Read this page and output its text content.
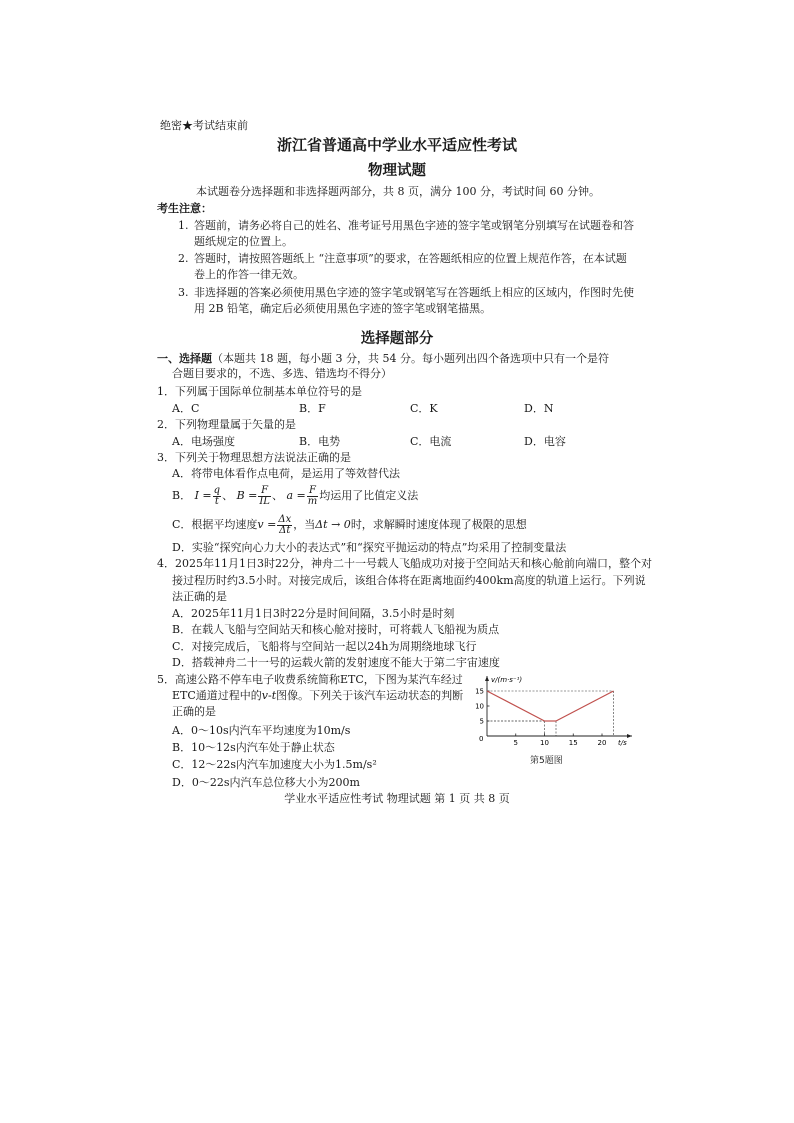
绝密★考试结束前
浙江省普通高中学业水平适应性考试
物理试题
本试题卷分选择题和非选择题两部分，共 8 页，满分 100 分，考试时间 60 分钟。
考生注意：
1. 答题前，请务必将自己的姓名、准考证号用黑色字迹的签字笔或钢笔分别填写在试题卷和答
题纸规定的位置上。
2. 答题时，请按照答题纸上 “注意事项”的要求，在答题纸相应的位置上规范作答，在本试题
卷上的作答一律无效。
3. 非选择题的答案必须使用黑色字迹的签字笔或钢笔写在答题纸上相应的区域内，作图时先使
用 2B 铅笔，确定后必须使用黑色字迹的签字笔或钢笔描黑。
选择题部分
一、选择题（本题共 18 题，每小题 3 分，共 54 分。每小题列出四个备选项中只有一个是符
合题目要求的，不选、多选、错选均不得分）
1．下列属于国际单位制基本单位符号的是
A．C	B．F	C．K	D．N
2．下列物理量属于矢量的是
A．电场强度	B．电势	C．电流	D．电容
3．下列关于物理思想方法说法正确的是
A．将带电体看作点电荷，是运用了等效替代法
B． $I = \frac{q}{t}$ 、 $B = \frac{F}{IL}$ 、 $a = \frac{F}{m}$ 均运用了比值定义法
C．根据平均速度$v = \frac{\Delta x}{\Delta t}$ ，当Δt → 0时，求解瞬时速度体现了极限的思想
D．实验“探究向心力大小的表达式”和“探究平抛运动的特点”均采用了控制变量法
4．2025年11月1日3时22分，神舟二十一号载人飞船成功对接于空间站天和核心舱前向端口，整个对
接过程历时约3.5小时。对接完成后，该组合体将在距离地面约400km高度的轨道上运行。下列说
法正确的是
A．2025年11月1日3时22分是时间间隔，3.5小时是时刻
B．在载人飞船与空间站天和核心舱对接时，可将载人飞船视为质点
C．对接完成后，飞船将与空间站一起以24h为周期绕地球飞行
D．搭载神舟二十一号的运载火箭的发射速度不能大于第二宇宙速度
5．高速公路不停车电子收费系统简称ETC，下图为某汽车经过
ETC通道过程中的v-t图像。下列关于该汽车运动状态的判断
正确的是
A．0～10s内汽车平均速度为10m/s
B．10～12s内汽车处于静止状态
C．12～22s内汽车加速度大小为1.5m/s²
D．0～22s内汽车总位移大小为200m
v/(m·s⁻¹)
t/s
0
5
10
15
5	10	15	20
第5题图
学业水平适应性考试 物理试题 第 1 页 共 8 页
